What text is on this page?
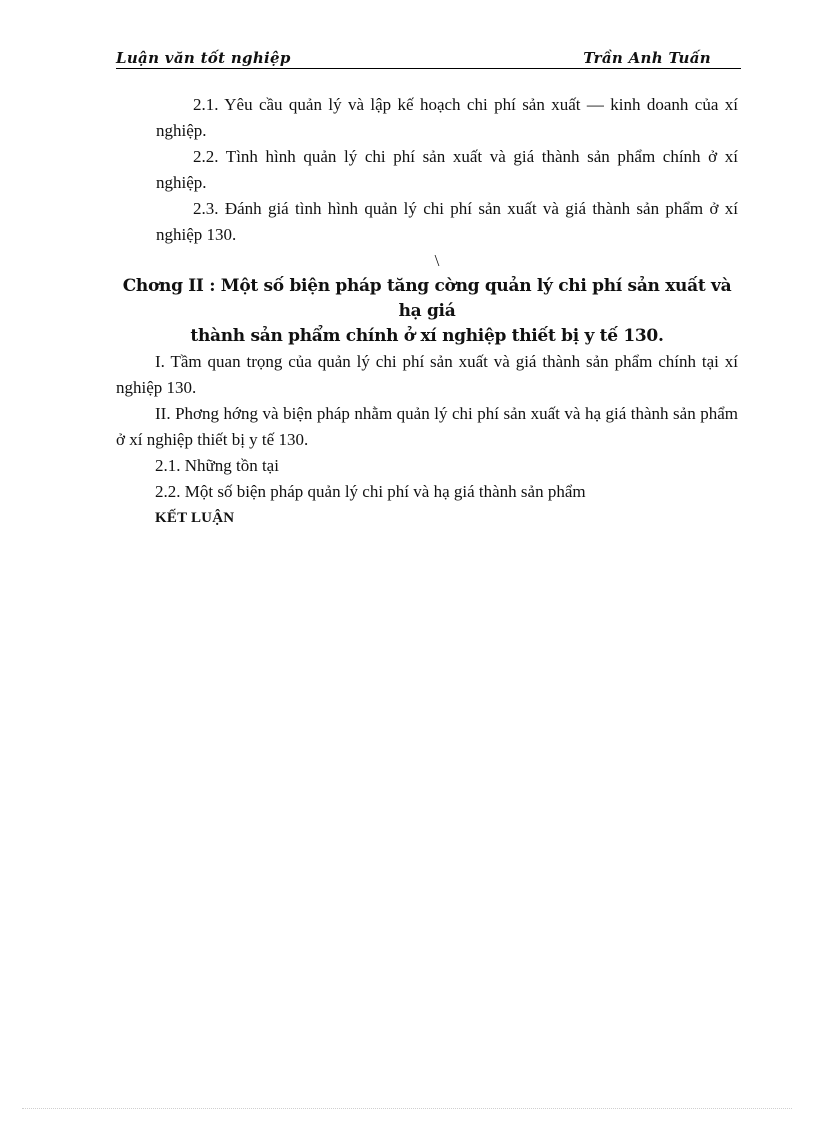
Luận văn tốt nghiệp	Trần Anh Tuấn

2.1. Yêu cầu quản lý và lập kế hoạch chi phí sản xuất — kinh doanh của xí nghiệp.

2.2. Tình hình quản lý chi phí sản xuất và giá thành sản phẩm chính ở xí nghiệp.

2.3. Đánh giá tình hình quản lý chi phí sản xuất và giá thành sản phẩm ở xí nghiệp 130.

\

Chơng II : Một số biện pháp tăng cờng quản lý chi phí sản xuất và hạ giá

thành sản phẩm chính ở xí nghiệp thiết bị y tế 130.

I. Tầm quan trọng của quản lý chi phí sản xuất và giá thành sản phẩm chính tại xí nghiệp 130.

II. Phơng hớng và biện pháp nhằm quản lý chi phí sản xuất và hạ giá thành sản phẩm ở xí nghiệp thiết bị y tế 130.

2.1. Những tồn tại

2.2. Một số biện pháp quản lý chi phí và hạ giá thành sản phẩm

KẾT LUẬN
